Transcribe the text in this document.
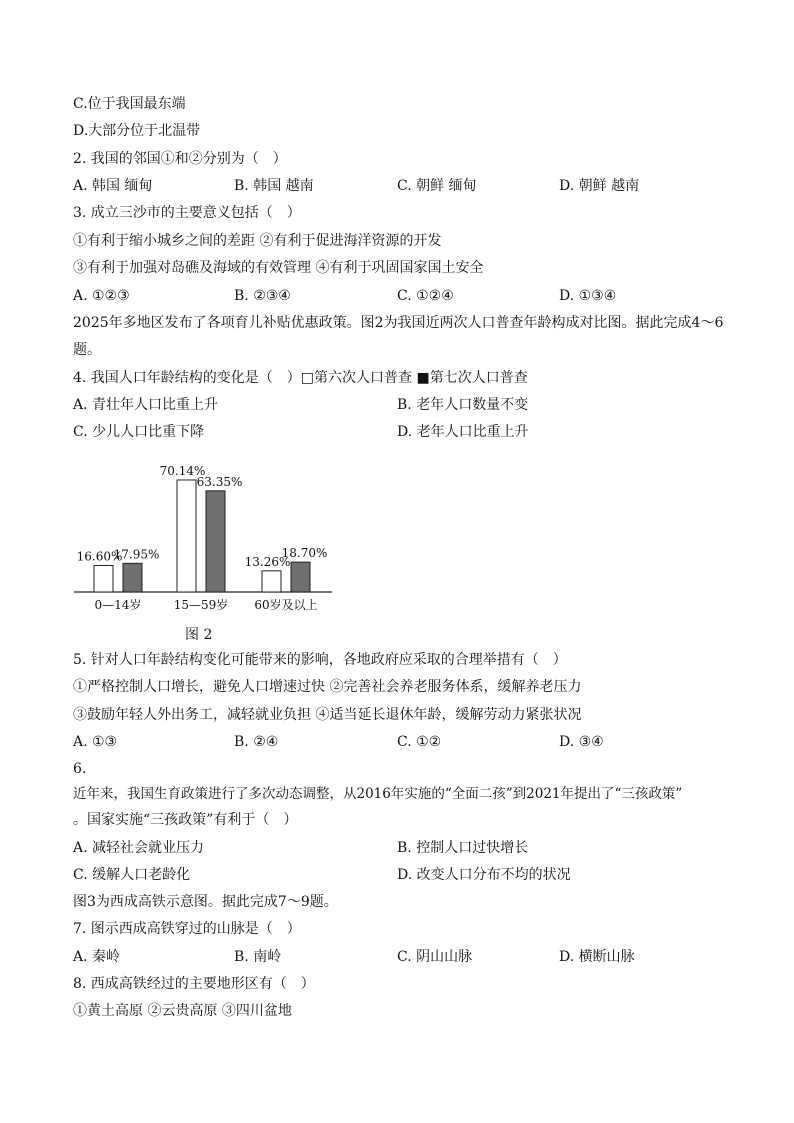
C.位于我国最东端
D.大部分位于北温带
2. 我国的邻国①和②分别为（　）
A. 韩国 缅甸	B. 韩国 越南	C. 朝鲜 缅甸	D. 朝鲜 越南
3. 成立三沙市的主要意义包括（　）
①有利于缩小城乡之间的差距 ②有利于促进海洋资源的开发
③有利于加强对岛礁及海域的有效管理 ④有利于巩固国家国土安全
A. ①②③	B. ②③④	C. ①②④	D. ①③④
2025年多地区发布了各项育儿补贴优惠政策。图2为我国近两次人口普查年龄构成对比图。据此完成4～6
题。
4. 我国人口年龄结构的变化是（　）□第六次人口普查 ■第七次人口普查
A. 青壮年人口比重上升	B. 老年人口数量不变
C. 少儿人口比重下降	D. 老年人口比重上升
16.60%
17.95%
0—14岁
70.14%
63.35%
15—59岁
13.26%
18.70%
60岁及以上
图 2
5. 针对人口年龄结构变化可能带来的影响，各地政府应采取的合理举措有（　）
①严格控制人口增长，避免人口增速过快 ②完善社会养老服务体系，缓解养老压力
③鼓励年轻人外出务工，减轻就业负担 ④适当延长退休年龄，缓解劳动力紧张状况
A. ①③	B. ②④	C. ①②	D. ③④
6.
近年来，我国生育政策进行了多次动态调整，从2016年实施的“全面二孩”到2021年提出了“三孩政策”
。国家实施“三孩政策”有利于（　）
A. 减轻社会就业压力	B. 控制人口过快增长
C. 缓解人口老龄化	D. 改变人口分布不均的状况
图3为西成高铁示意图。据此完成7～9题。
7. 图示西成高铁穿过的山脉是（　）
A. 秦岭	B. 南岭	C. 阴山山脉	D. 横断山脉
8. 西成高铁经过的主要地形区有（　）
①黄土高原 ②云贵高原 ③四川盆地
